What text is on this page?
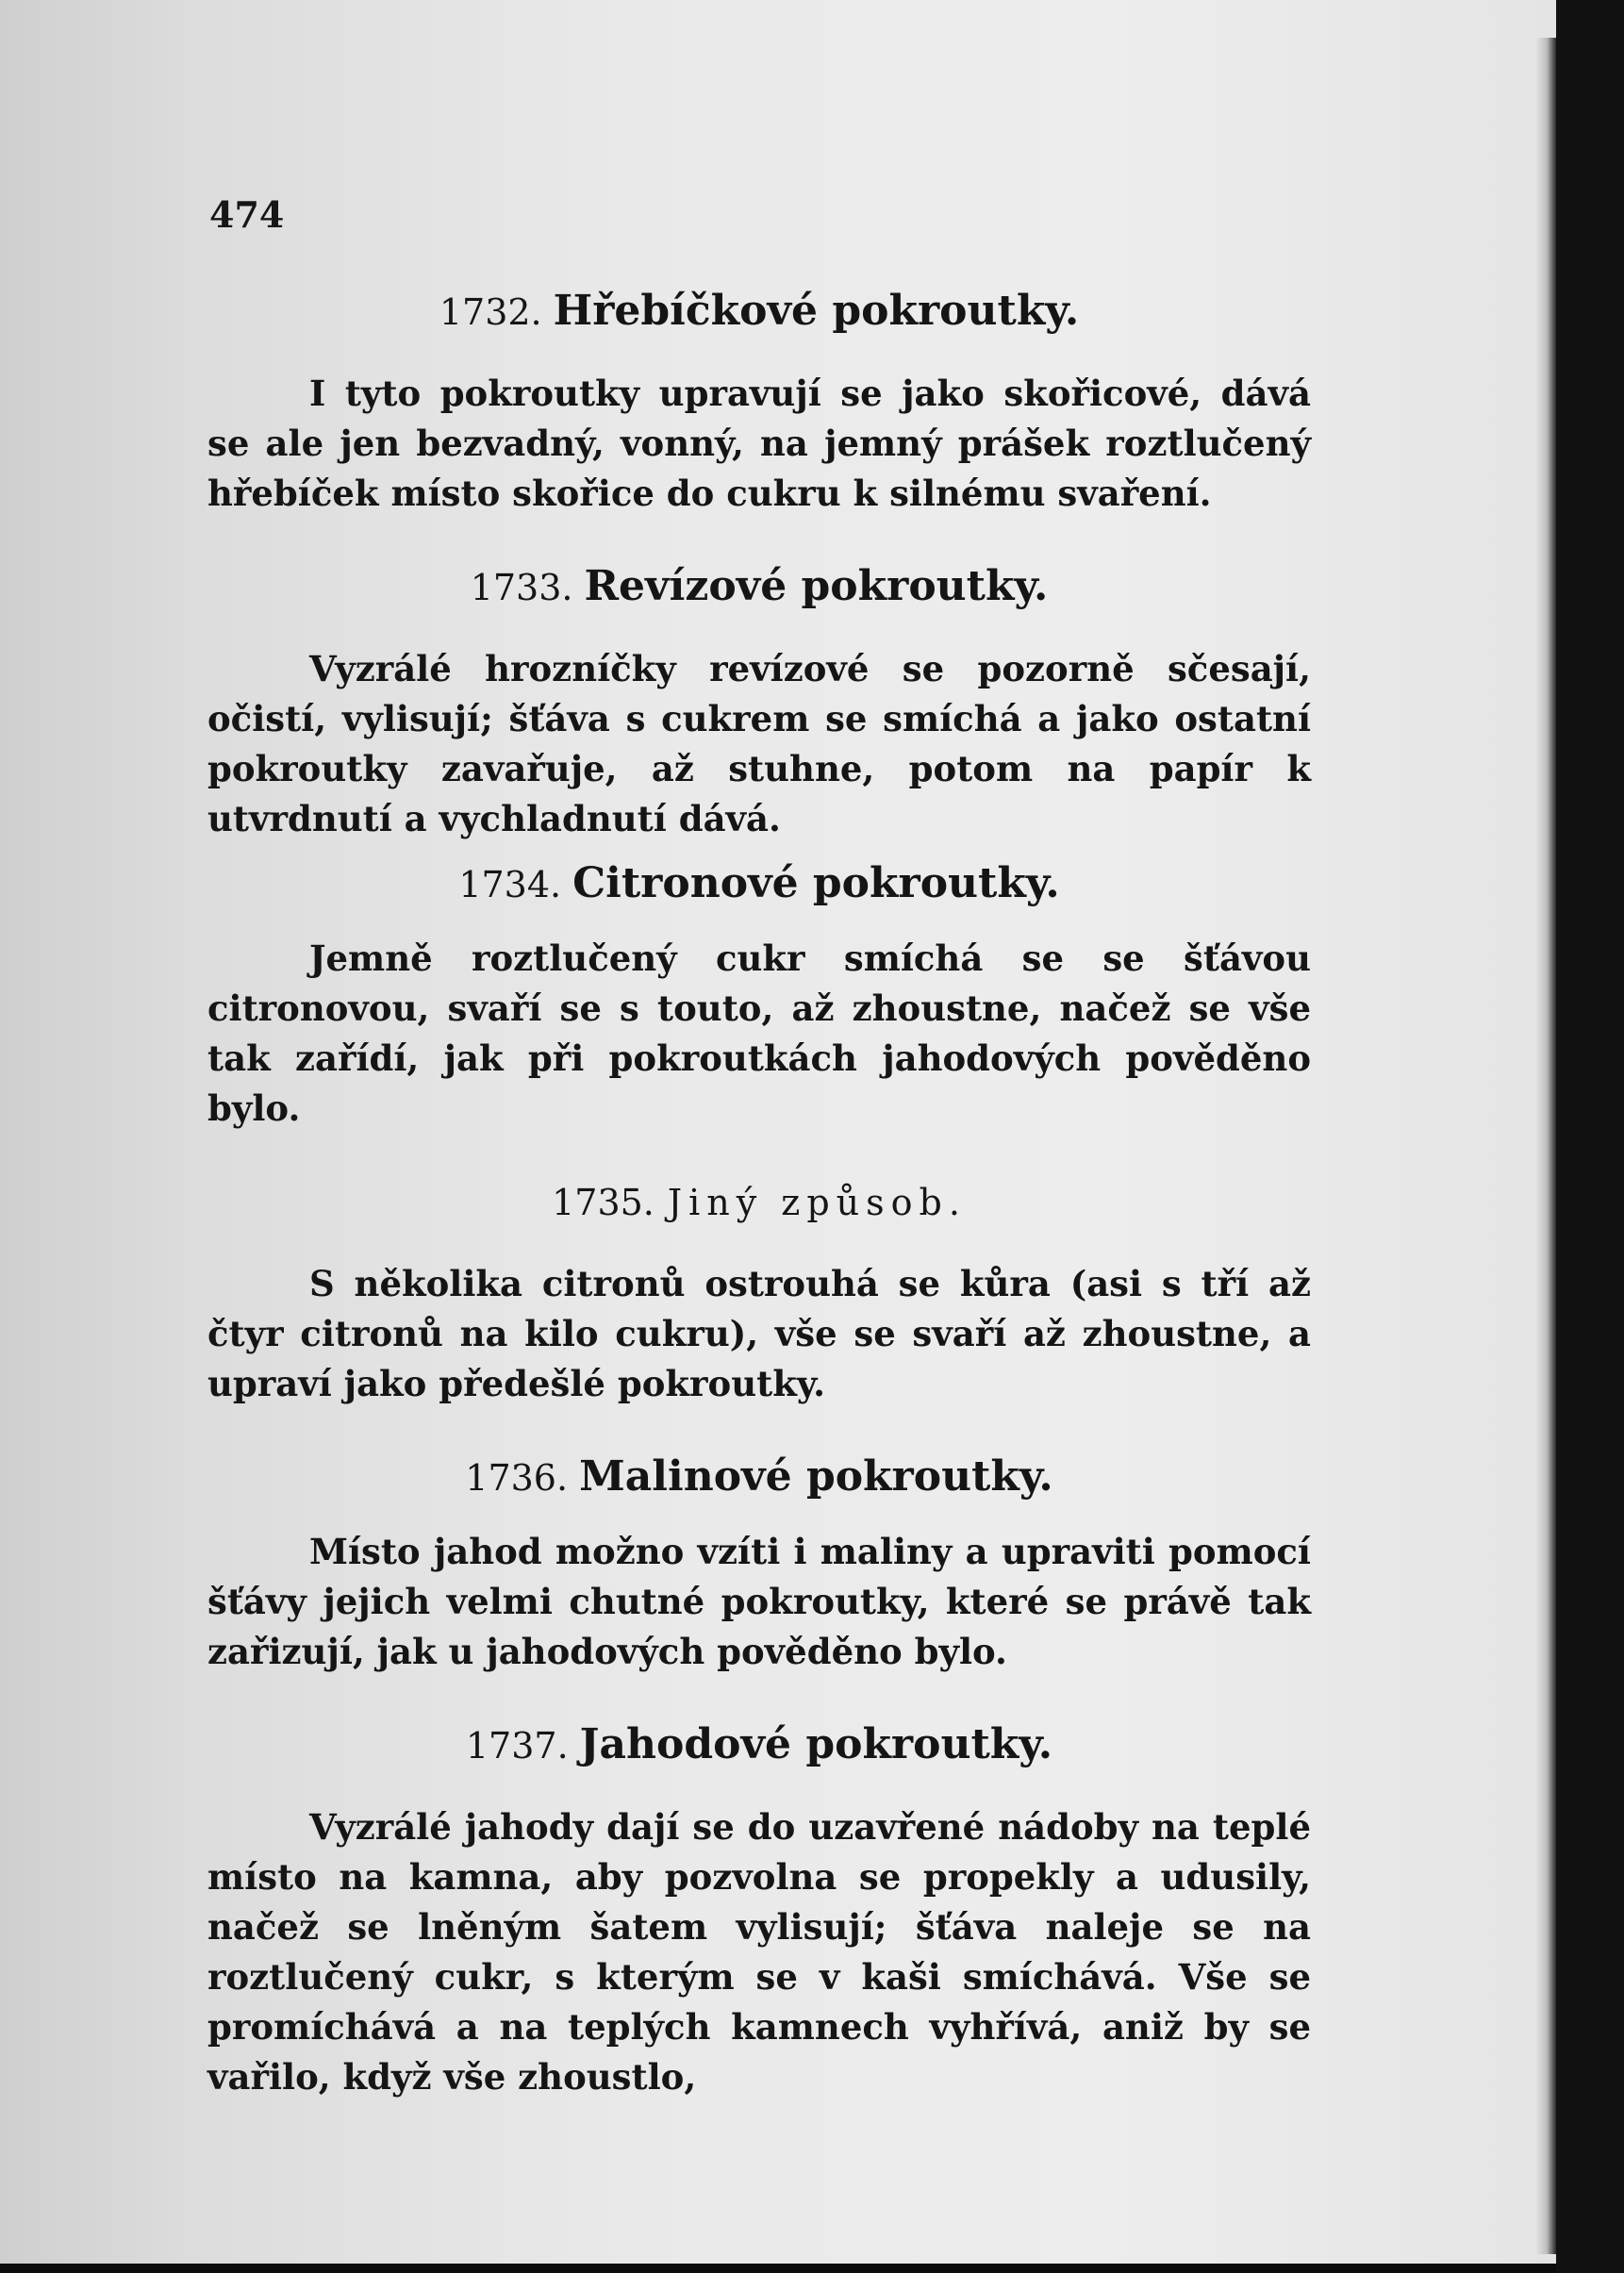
474
1732. Hřebíčkové pokroutky.

I tyto pokroutky upravují se jako skořicové, dává se ale jen bezvadný, vonný, na jemný prášek roztlučený hřebíček místo skořice do cukru k silnému svaření.

1733. Revízové pokroutky.

Vyzrálé hrozníčky revízové se pozorně sčesají, očistí, vylisují; šťáva s cukrem se smíchá a jako ostatní pokroutky zavařuje, až stuhne, potom na papír k utvrdnutí a vychladnutí dává.

1734. Citronové pokroutky.

Jemně roztlučený cukr smíchá se se šťávou citronovou, svaří se s touto, až zhoustne, načež se vše tak zařídí, jak při pokroutkách jahodových pověděno bylo.

1735. Jiný způsob.

S několika citronů ostrouhá se kůra (asi s tří až čtyr citronů na kilo cukru), vše se svaří až zhoustne, a upraví jako předešlé pokroutky.

1736. Malinové pokroutky.

Místo jahod možno vzíti i maliny a upraviti pomocí šťávy jejich velmi chutné pokroutky, které se právě tak zařizují, jak u jahodových pověděno bylo.

1737. Jahodové pokroutky.

Vyzrálé jahody dají se do uzavřené nádoby na teplé místo na kamna, aby pozvolna se propekly a udusily, načež se lněným šatem vylisují; šťáva naleje se na roztlučený cukr, s kterým se v kaši smíchává. Vše se promíchává a na teplých kamnech vyhřívá, aniž by se vařilo, když vše zhoustlo,
